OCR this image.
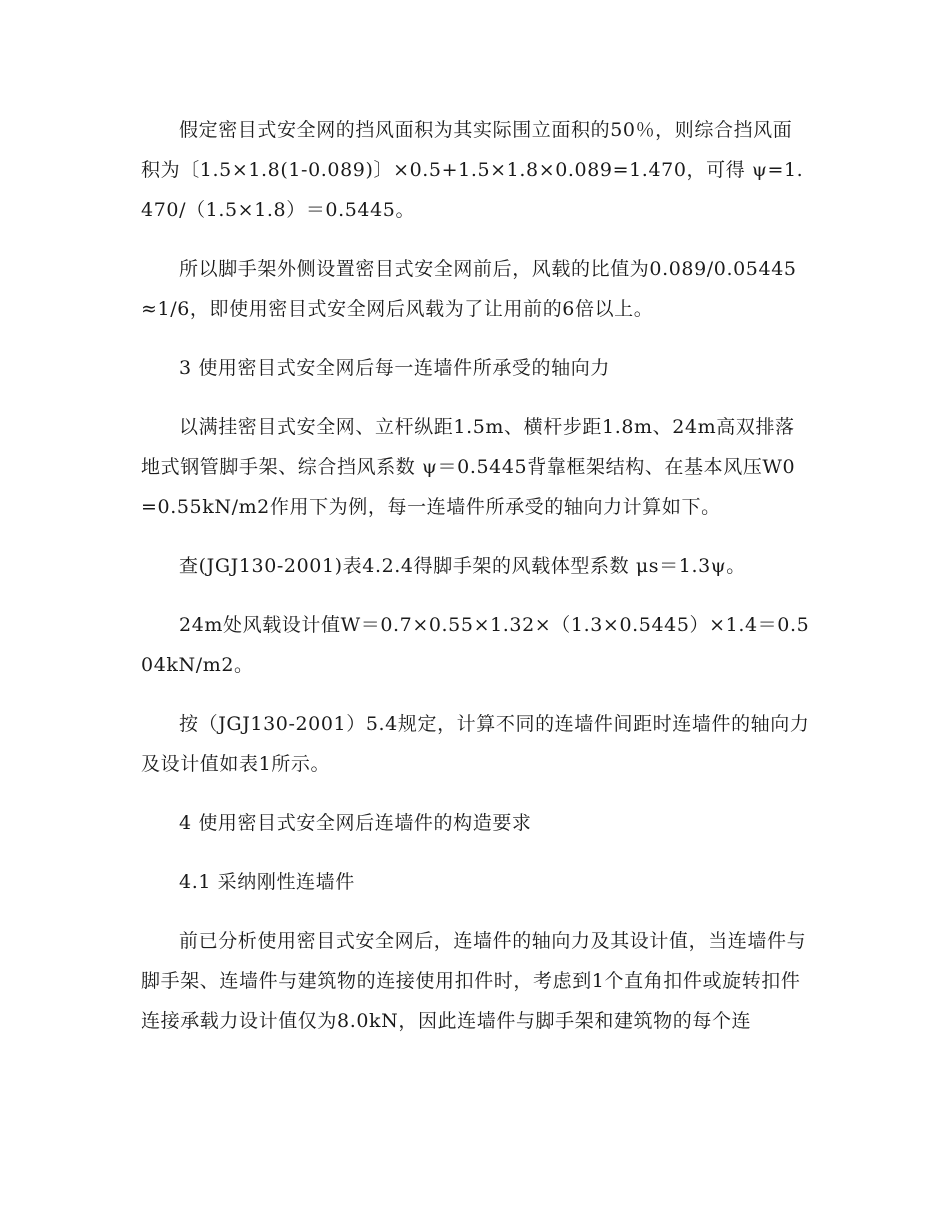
假定密目式安全网的挡风面积为其实际围立面积的50％，则综合挡风面积为〔1.5×1.8(1-0.089)〕×0.5+1.5×1.8×0.089=1.470，可得 ψ=1.470/（1.5×1.8）＝0.5445。

所以脚手架外侧设置密目式安全网前后，风载的比值为0.089/0.05445≈1/6，即使用密目式安全网后风载为了让用前的6倍以上。

3 使用密目式安全网后每一连墙件所承受的轴向力

以满挂密目式安全网、立杆纵距1.5m、横杆步距1.8m、24m高双排落地式钢管脚手架、综合挡风系数 ψ＝0.5445背靠框架结构、在基本风压W0=0.55kN/m2作用下为例，每一连墙件所承受的轴向力计算如下。

查(JGJ130-2001)表4.2.4得脚手架的风载体型系数 μs＝1.3ψ。

24m处风载设计值W＝0.7×0.55×1.32×（1.3×0.5445）×1.4＝0.504kN/m2。

按（JGJ130-2001）5.4规定，计算不同的连墙件间距时连墙件的轴向力及设计值如表1所示。

4 使用密目式安全网后连墙件的构造要求

4.1 采纳刚性连墙件

前已分析使用密目式安全网后，连墙件的轴向力及其设计值，当连墙件与脚手架、连墙件与建筑物的连接使用扣件时，考虑到1个直角扣件或旋转扣件连接承载力设计值仅为8.0kN，因此连墙件与脚手架和建筑物的每个连
